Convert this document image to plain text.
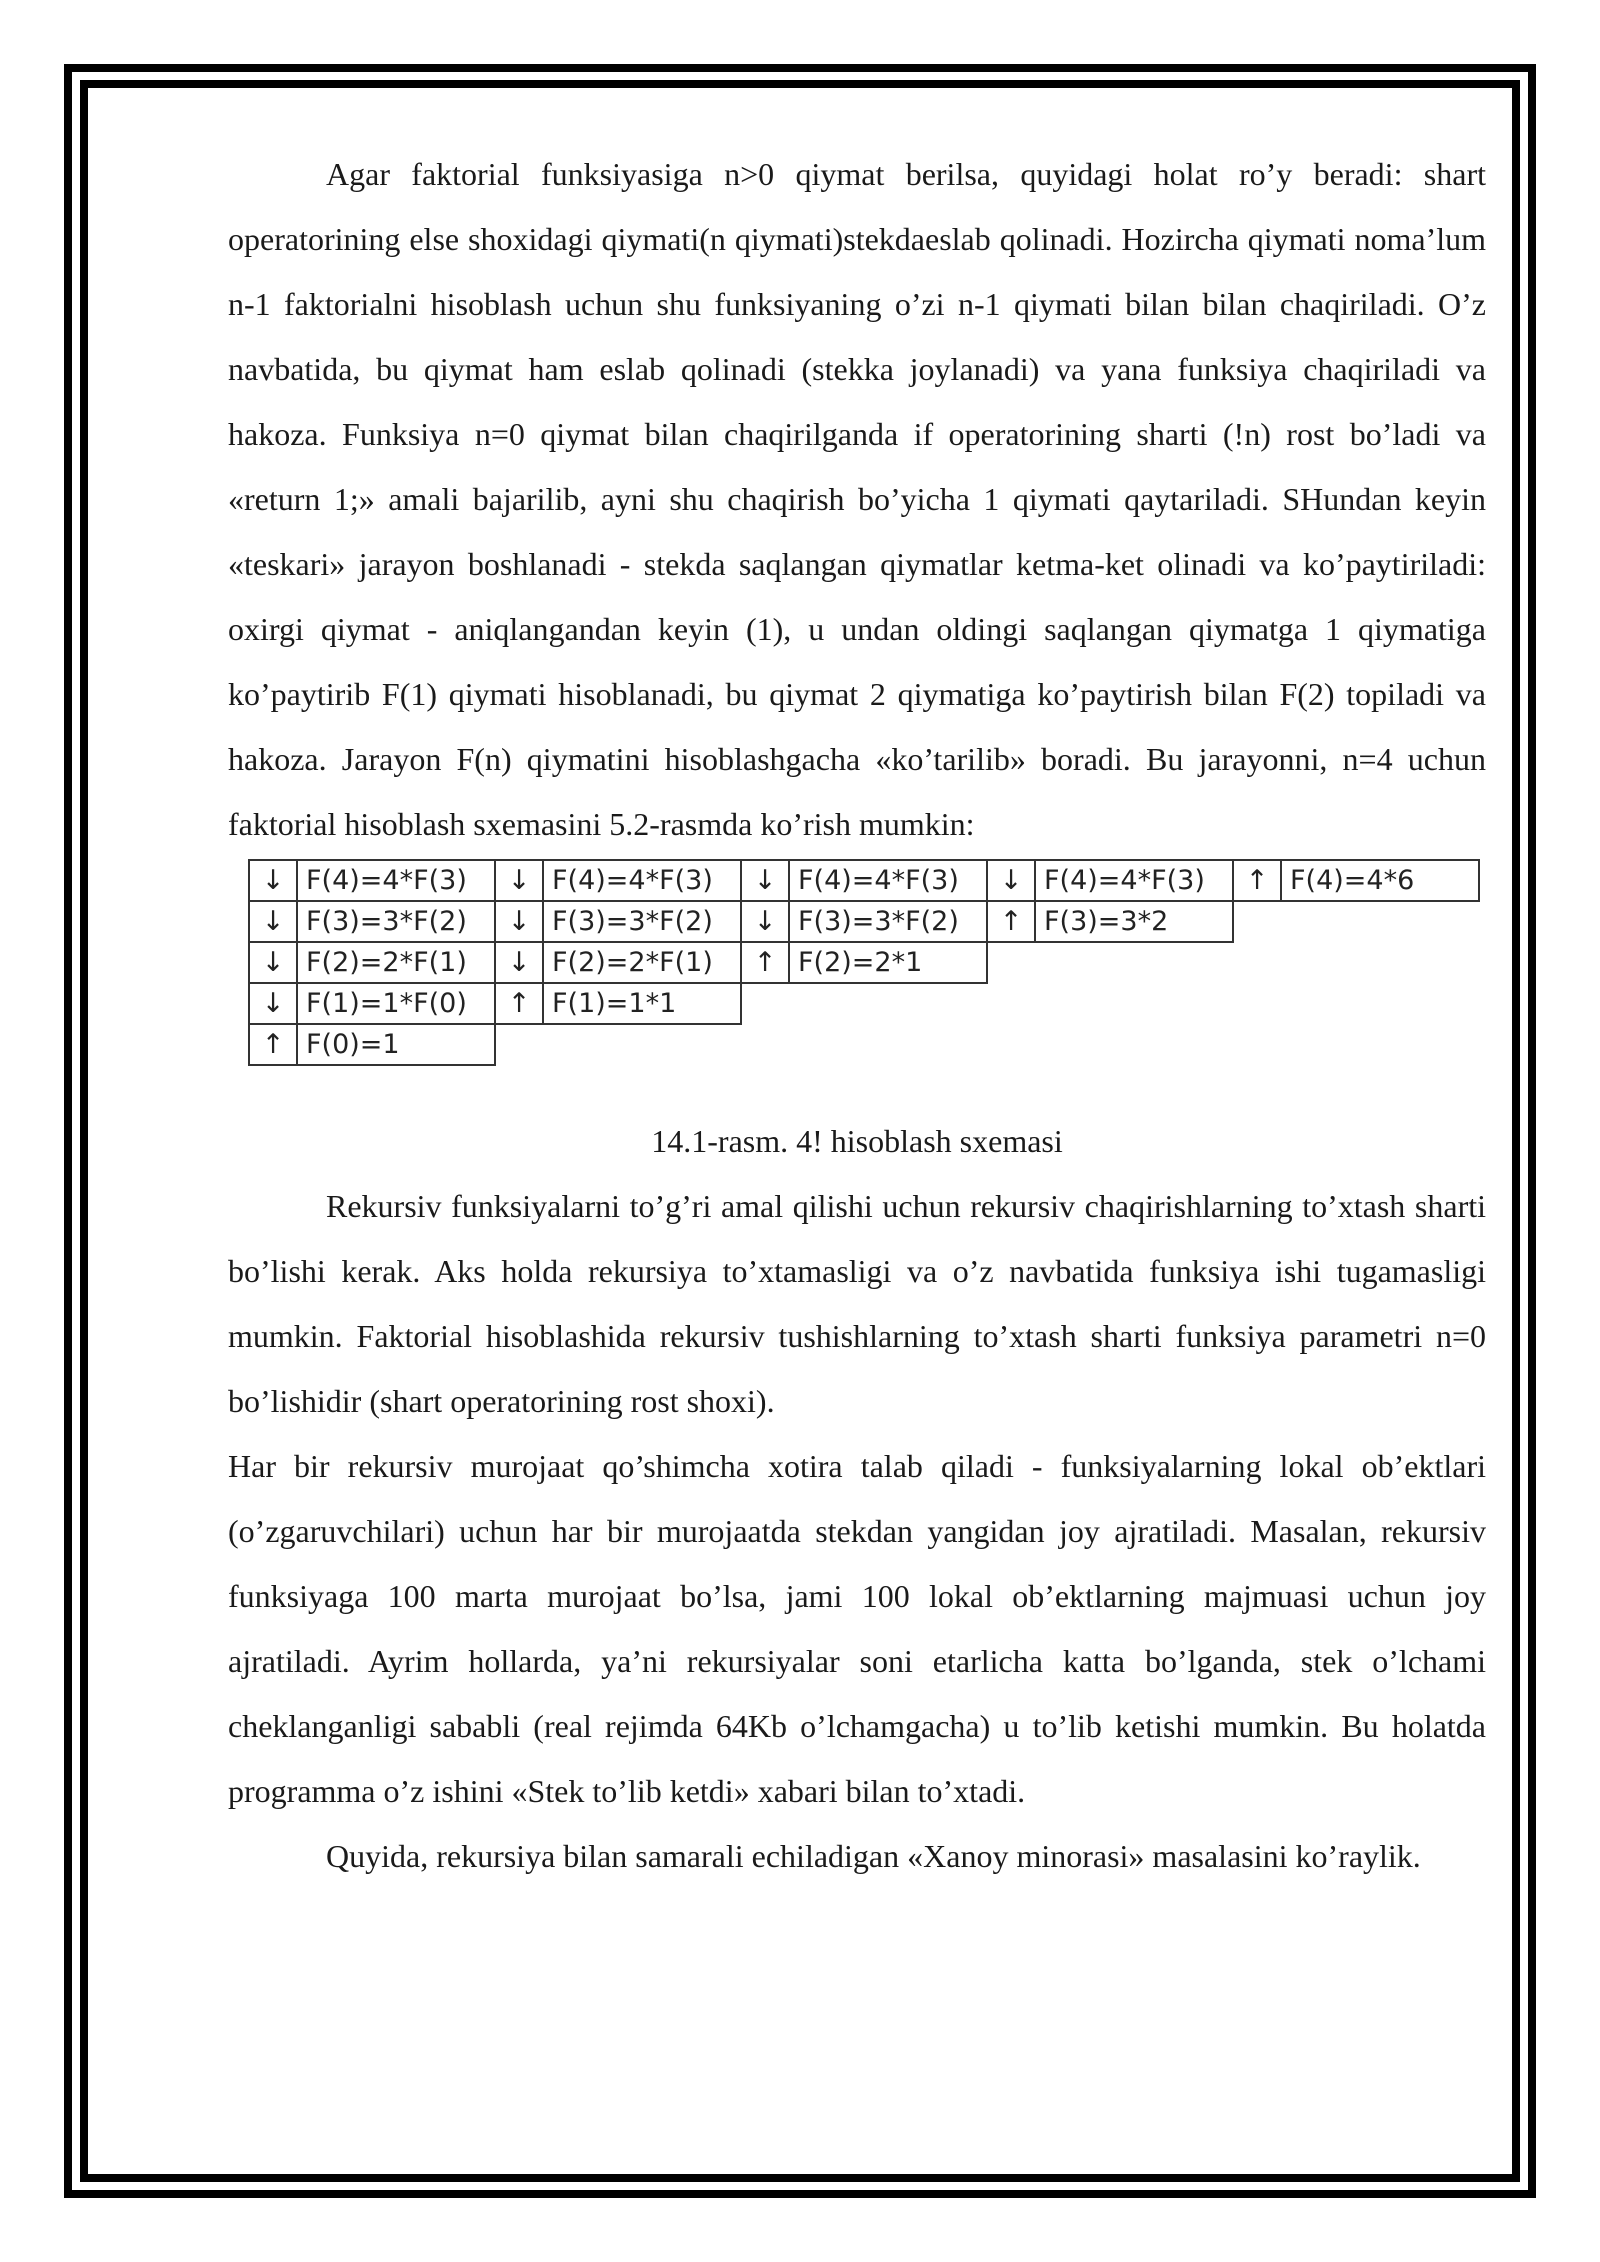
Agar faktorial funksiyasiga n>0 qiymat berilsa, quyidagi holat ro’y beradi: shart operatorining else shoxidagi qiymati(n qiymati)stekdaeslab qolinadi. Hozircha qiymati noma’lum n-1 faktorialni hisoblash uchun shu funksiyaning o’zi n-1 qiymati bilan bilan chaqiriladi. O’z navbatida, bu qiymat ham eslab qolinadi (stekka joylanadi) va yana funksiya chaqiriladi va hakoza. Funksiya n=0 qiymat bilan chaqirilganda if operatorining sharti (!n) rost bo’ladi va «return 1;» amali bajarilib, ayni shu chaqirish bo’yicha 1 qiymati qaytariladi. SHundan keyin «teskari» jarayon boshlanadi - stekda saqlangan qiymatlar ketma-ket olinadi va ko’paytiriladi: oxirgi qiymat - aniqlangandan keyin (1), u undan oldingi saqlangan qiymatga 1 qiymatiga ko’paytirib F(1) qiymati hisoblanadi, bu qiymat 2 qiymatiga ko’paytirish bilan F(2) topiladi va hakoza. Jarayon F(n) qiymatini hisoblashgacha «ko’tarilib» boradi. Bu jarayonni, n=4 uchun faktorial hisoblash sxemasini 5.2-rasmda ko’rish mumkin:

↓	F(4)=4*F(3)	↓	F(4)=4*F(3)	↓	F(4)=4*F(3)	↓	F(4)=4*F(3)	↑	F(4)=4*6
↓	F(3)=3*F(2)	↓	F(3)=3*F(2)	↓	F(3)=3*F(2)	↑	F(3)=3*2		
↓	F(2)=2*F(1)	↓	F(2)=2*F(1)	↑	F(2)=2*1				
↓	F(1)=1*F(0)	↑	F(1)=1*1						
↑	F(0)=1								

14.1-rasm. 4! hisoblash sxemasi

Rekursiv funksiyalarni to’g’ri amal qilishi uchun rekursiv chaqirishlarning to’xtash sharti bo’lishi kerak. Aks holda rekursiya to’xtamasligi va o’z navbatida funksiya ishi tugamasligi mumkin. Faktorial hisoblashida rekursiv tushishlarning to’xtash sharti funksiya parametri n=0 bo’lishidir (shart operatorining rost shoxi).

Har bir rekursiv murojaat qo’shimcha xotira talab qiladi - funksiyalarning lokal ob’ektlari (o’zgaruvchilari) uchun har bir murojaatda stekdan yangidan joy ajratiladi. Masalan, rekursiv funksiyaga 100 marta murojaat bo’lsa, jami 100 lokal ob’ektlarning majmuasi uchun joy ajratiladi. Ayrim hollarda, ya’ni rekursiyalar soni etarlicha katta bo’lganda, stek o’lchami cheklanganligi sababli (real rejimda 64Kb o’lchamgacha) u to’lib ketishi mumkin. Bu holatda programma o’z ishini «Stek to’lib ketdi» xabari bilan to’xtadi.

Quyida, rekursiya bilan samarali echiladigan «Xanoy minorasi» masalasini ko’raylik.
